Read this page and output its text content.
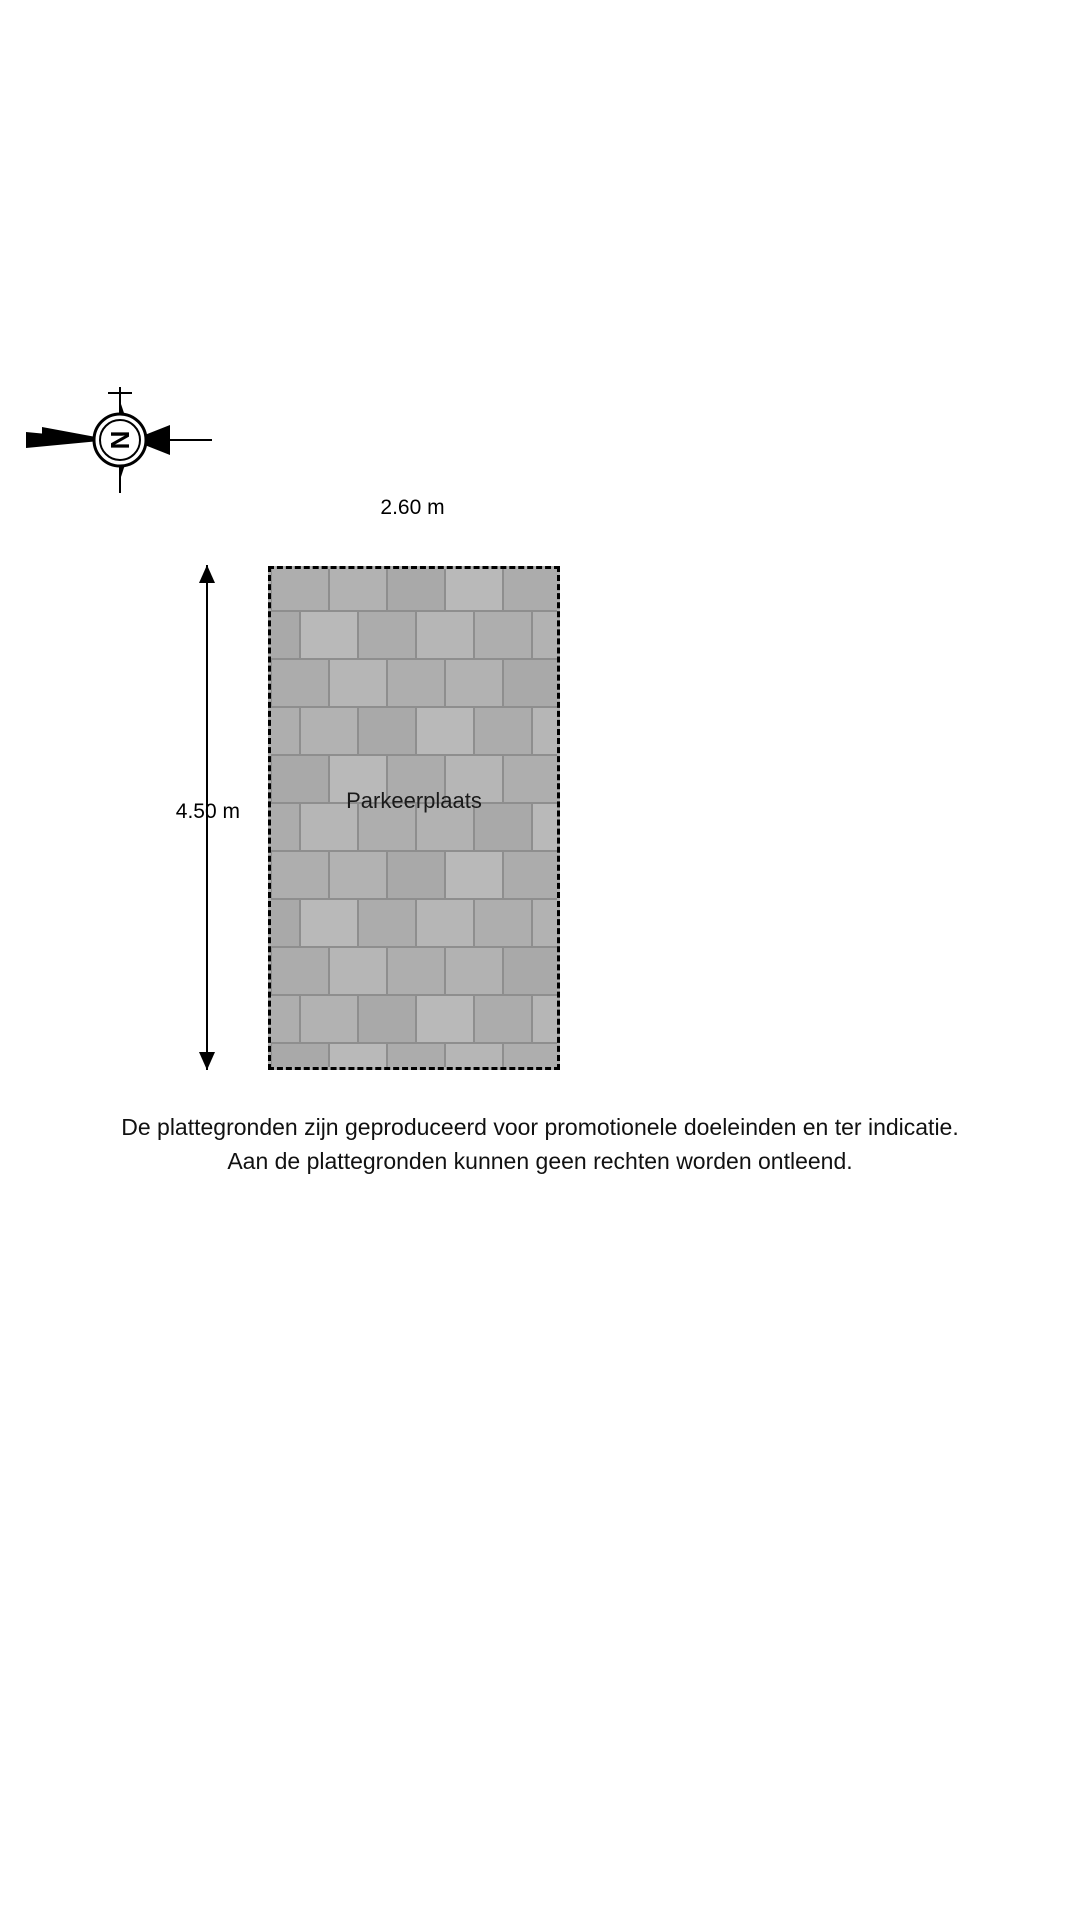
N
2.60 m
4.50 m	Parkeerplaats
De plattegronden zijn geproduceerd voor promotionele doeleinden en ter indicatie.
Aan de plattegronden kunnen geen rechten worden ontleend.
